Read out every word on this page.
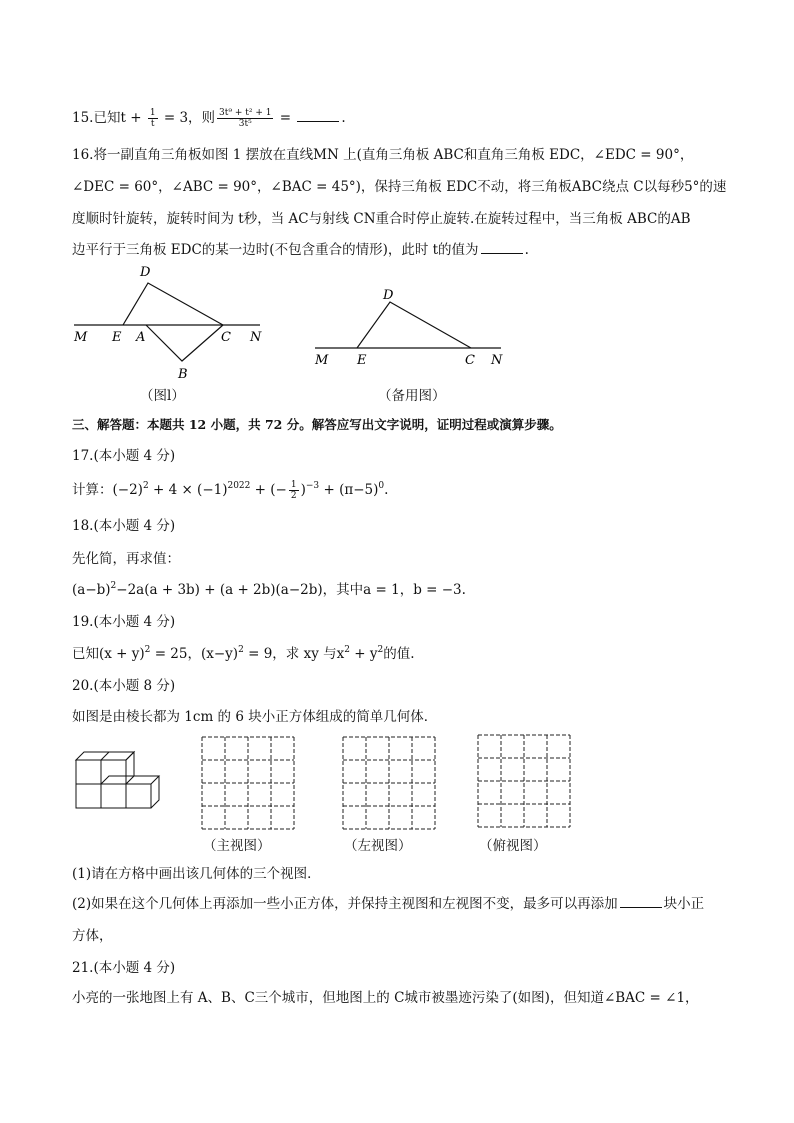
15.已知$t + \frac{1}{t} = 3$，则 $\frac{\text{3t⁹ + t² + 1}}{\text{3t⁵}}$ =	.
16.将一副直角三角板如图 1 摆放在直线MN 上(直角三角板 ABC和直角三角板 EDC，∠EDC = 90°，
∠DEC = 60°，∠ABC = 90°，∠BAC = 45°)，保持三角板 EDC不动，将三角板ABC绕点 C以每秒5°的速
度顺时针旋转，旋转时间为 t秒，当 AC与射线 CN重合时停止旋转.在旋转过程中，当三角板 ABC的AB
边平行于三角板 EDC的某一边时(不包含重合的情形)，此时 t的值为	.
D
M E A	C N
B
（图l）
D
M E	C N
（备用图）
三、解答题：本题共 12 小题，共 72 分。解答应写出文字说明，证明过程或演算步骤。
17.(本小题 4 分)
计算：$(-2)^2 + 4 \times (-1)^{2022}$ + (− $\frac{1}{2} )^{-3} + (\pi-5)^0$.
18.(本小题 4 分)
先化简，再求值：
$(a-b)^2-2a(a + 3b) + (a + 2b)(a-2b)$，其中a = 1，b = −3.
19.(本小题 4 分)
已知$(x + y)^2 = 25$，$(x-y)^2 = 9$，求 xy 与$x^2 + y^2$的值.
20.(本小题 8 分)
如图是由棱长都为 1cm 的 6 块小正方体组成的简单几何体．
（主视图）	（左视图）	（俯视图）
(1)请在方格中画出该几何体的三个视图．
(2)如果在这个几何体上再添加一些小正方体，并保持主视图和左视图不变，最多可以再添加	块小正
方体，
21.(本小题 4 分)
小亮的一张地图上有 A、B、C三个城市，但地图上的 C城市被墨迹污染了(如图)，但知道∠BAC = ∠1，
